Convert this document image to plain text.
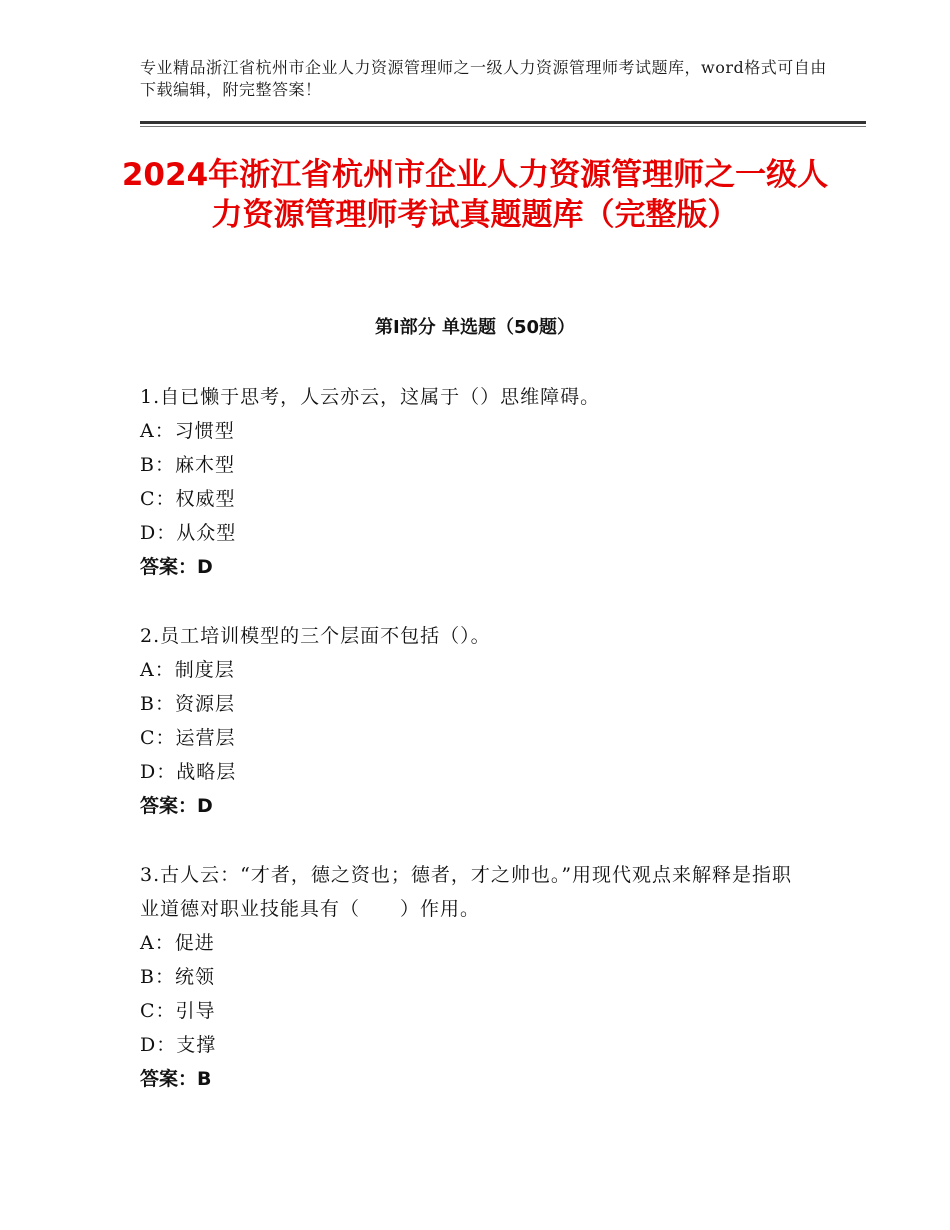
专业精品浙江省杭州市企业人力资源管理师之一级人力资源管理师考试题库，word格式可自由下载编辑，附完整答案！
2024年浙江省杭州市企业人力资源管理师之一级人力资源管理师考试真题题库（完整版）
第Ⅰ部分 单选题（50题）
1.自已懒于思考，人云亦云，这属于（）思维障碍。
A：习惯型
B：麻木型
C：权威型
D：从众型
答案：D
2.员工培训模型的三个层面不包括（）。
A：制度层
B：资源层
C：运营层
D：战略层
答案：D
3.古人云：“才者，德之资也；德者，才之帅也。”用现代观点来解释是指职业道德对职业技能具有（　　）作用。
A：促进
B：统领
C：引导
D：支撑
答案：B
